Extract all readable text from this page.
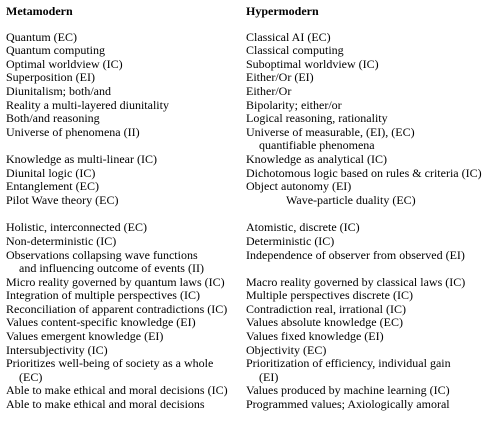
Metamodern
Quantum (EC)
Quantum computing
Optimal worldview (IC)
Superposition (EI)
Diunitalism; both/and
Reality a multi-layered diunitality
Both/and reasoning
Universe of phenomena (II)

Knowledge as multi-linear (IC)
Diunital logic (IC)
Entanglement (EC)
Pilot Wave theory (EC)
Holistic, interconnected (EC)
Non-deterministic (IC)
Observations collapsing wave functions
and influencing outcome of events (II)
Micro reality governed by quantum laws (IC)
Integration of multiple perspectives (IC)
Reconciliation of apparent contradictions (IC)
Values content-specific knowledge (EI)
Values emergent knowledge (EI)
Intersubjectivity (IC)
Prioritizes well-being of society as a whole
(EC)
Able to make ethical and moral decisions (IC)
Able to make ethical and moral decisions
Hypermodern
Classical AI (EC)
Classical computing
Suboptimal worldview (IC)
Either/Or (EI)
Either/Or
Bipolarity; either/or
Logical reasoning, rationality
Universe of measurable, (EI), (EC)
quantifiable phenomena
Knowledge as analytical (IC)
Dichotomous logic based on rules & criteria (IC)
Object autonomy (EI)
Wave-particle duality (EC)
Atomistic, discrete (IC)
Deterministic (IC)
Independence of observer from observed (EI)

Macro reality governed by classical laws (IC)
Multiple perspectives discrete (IC)
Contradiction real, irrational (IC)
Values absolute knowledge (EC)
Values fixed knowledge (EI)
Objectivity (EC)
Prioritization of efficiency, individual gain
(EI)
Values produced by machine learning (IC)
Programmed values; Axiologically amoral
